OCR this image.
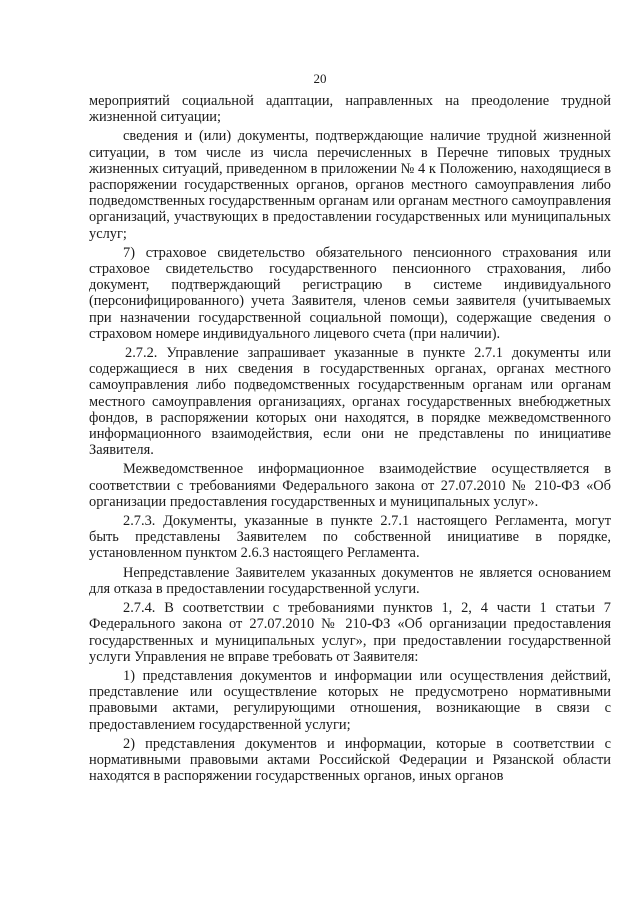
20

мероприятий социальной адаптации, направленных на преодоление трудной жизненной ситуации;

сведения и (или) документы, подтверждающие наличие трудной жизненной ситуации, в том числе из числа перечисленных в Перечне типовых трудных жизненных ситуаций, приведенном в приложении № 4 к Положению, находящиеся в распоряжении государственных органов, органов местного самоуправления либо подведомственных государственным органам или органам местного самоуправления организаций, участвующих в предоставлении государственных или муниципальных услуг;

7) страховое свидетельство обязательного пенсионного страхования или страховое свидетельство государственного пенсионного страхования, либо документ, подтверждающий регистрацию в системе индивидуального (персонифицированного) учета Заявителя, членов семьи заявителя (учитываемых при назначении государственной социальной помощи), содержащие сведения о страховом номере индивидуального лицевого счета (при наличии).

2.7.2. Управление запрашивает указанные в пункте 2.7.1 документы или содержащиеся в них сведения в государственных органах, органах местного самоуправления либо подведомственных государственным органам или органам местного самоуправления организациях, органах государственных внебюджетных фондов, в распоряжении которых они находятся, в порядке межведомственного информационного взаимодействия, если они не представлены по инициативе Заявителя.

Межведомственное информационное взаимодействие осуществляется в соответствии с требованиями Федерального закона от 27.07.2010 № 210-ФЗ «Об организации предоставления государственных и муниципальных услуг».

2.7.3. Документы, указанные в пункте 2.7.1 настоящего Регламента, могут быть представлены Заявителем по собственной инициативе в порядке, установленном пунктом 2.6.3 настоящего Регламента.

Непредставление Заявителем указанных документов не является основанием для отказа в предоставлении государственной услуги.

2.7.4. В соответствии с требованиями пунктов 1, 2, 4 части 1 статьи 7 Федерального закона от 27.07.2010 № 210-ФЗ «Об организации предоставления государственных и муниципальных услуг», при предоставлении государственной услуги Управления не вправе требовать от Заявителя:

1) представления документов и информации или осуществления действий, представление или осуществление которых не предусмотрено нормативными правовыми актами, регулирующими отношения, возникающие в связи с предоставлением государственной услуги;

2) представления документов и информации, которые в соответствии с нормативными правовыми актами Российской Федерации и Рязанской области находятся в распоряжении государственных органов, иных органов
